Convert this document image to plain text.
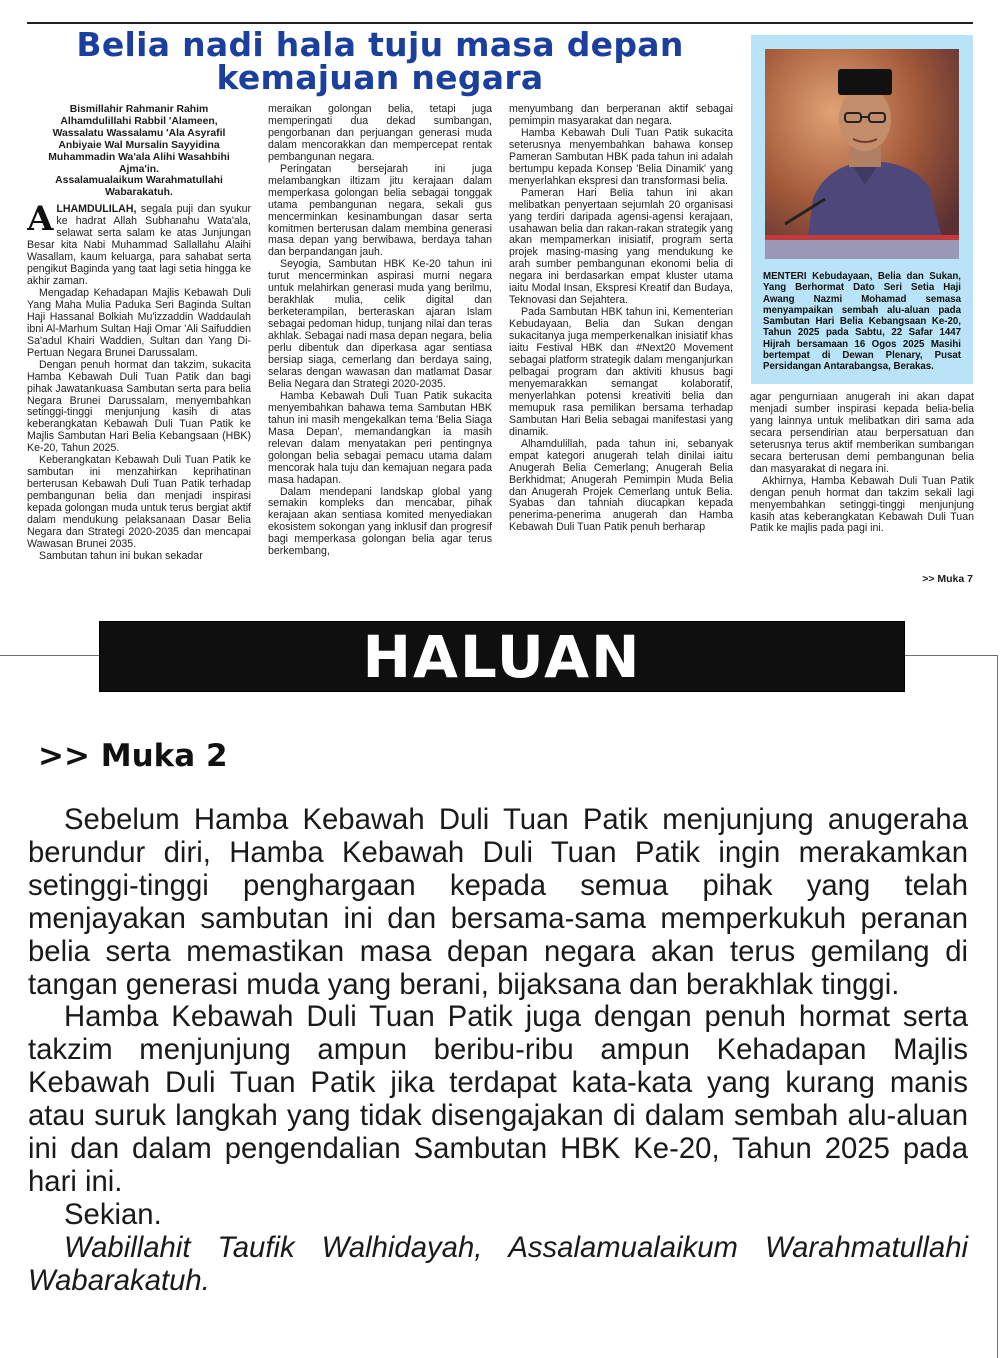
Belia nadi hala tuju masa depan
kemajuan negara
Bismillahir Rahmanir Rahim
Alhamdulillahi Rabbil 'Alameen,
Wassalatu Wassalamu 'Ala Asyrafil
Anbiyaie Wal Mursalin Sayyidina
Muhammadin Wa'ala Alihi Wasahbihi
Ajma'in.
Assalamualaikum Warahmatullahi
Wabarakatuh.

ALHAMDULILAH, segala puji dan syukur ke hadrat Allah Subhanahu Wata'ala, selawat serta salam ke atas Junjungan Besar kita Nabi Muhammad Sallallahu Alaihi Wasallam, kaum keluarga, para sahabat serta pengikut Baginda yang taat lagi setia hingga ke akhir zaman.

Mengadap Kehadapan Majlis Kebawah Duli Yang Maha Mulia Paduka Seri Baginda Sultan Haji Hassanal Bolkiah Mu'izzaddin Waddaulah ibni Al-Marhum Sultan Haji Omar 'Ali Saifuddien Sa'adul Khairi Waddien, Sultan dan Yang Di-Pertuan Negara Brunei Darussalam.

Dengan penuh hormat dan takzim, sukacita Hamba Kebawah Duli Tuan Patik dan bagi pihak Jawatankuasa Sambutan serta para belia Negara Brunei Darussalam, menyembahkan setinggi-tinggi menjunjung kasih di atas keberangkatan Kebawah Duli Tuan Patik ke Majlis Sambutan Hari Belia Kebangsaan (HBK) Ke-20, Tahun 2025.

Keberangkatan Kebawah Duli Tuan Patik ke sambutan ini menzahirkan keprihatinan berterusan Kebawah Duli Tuan Patik terhadap pembangunan belia dan menjadi inspirasi kepada golongan muda untuk terus bergiat aktif dalam mendukung pelaksanaan Dasar Belia Negara dan Strategi 2020-2035 dan mencapai Wawasan Brunei 2035.

Sambutan tahun ini bukan sekadar

meraikan golongan belia, tetapi juga memperingati dua dekad sumbangan, pengorbanan dan perjuangan generasi muda dalam mencorakkan dan mempercepat rentak pembangunan negara.

Peringatan bersejarah ini juga melambangkan iltizam jitu kerajaan dalam memperkasa golongan belia sebagai tonggak utama pembangunan negara, sekali gus mencerminkan kesinambungan dasar serta komitmen berterusan dalam membina generasi masa depan yang berwibawa, berdaya tahan dan berpandangan jauh.

Seyogia, Sambutan HBK Ke-20 tahun ini turut mencerminkan aspirasi murni negara untuk melahirkan generasi muda yang berilmu, berakhlak mulia, celik digital dan berketerampilan, berteraskan ajaran Islam sebagai pedoman hidup, tunjang nilai dan teras akhlak. Sebagai nadi masa depan negara, belia perlu dibentuk dan diperkasa agar sentiasa bersiap siaga, cemerlang dan berdaya saing, selaras dengan wawasan dan matlamat Dasar Belia Negara dan Strategi 2020-2035.

Hamba Kebawah Duli Tuan Patik sukacita menyembahkan bahawa tema Sambutan HBK tahun ini masih mengekalkan tema 'Belia Siaga Masa Depan', memandangkan ia masih relevan dalam menyatakan peri pentingnya golongan belia sebagai pemacu utama dalam mencorak hala tuju dan kemajuan negara pada masa hadapan.

Dalam mendepani landskap global yang semakin kompleks dan mencabar, pihak kerajaan akan sentiasa komited menyediakan ekosistem sokongan yang inklusif dan progresif bagi memperkasa golongan belia agar terus berkembang,

menyumbang dan berperanan aktif sebagai pemimpin masyarakat dan negara.

Hamba Kebawah Duli Tuan Patik sukacita seterusnya menyembahkan bahawa konsep Pameran Sambutan HBK pada tahun ini adalah bertumpu kepada Konsep 'Belia Dinamik' yang menyerlahkan ekspresi dan transformasi belia.

Pameran Hari Belia tahun ini akan melibatkan penyertaan sejumlah 20 organisasi yang terdiri daripada agensi-agensi kerajaan, usahawan belia dan rakan-rakan strategik yang akan mempamerkan inisiatif, program serta projek masing-masing yang mendukung ke arah sumber pembangunan ekonomi belia di negara ini berdasarkan empat kluster utama iaitu Modal Insan, Ekspresi Kreatif dan Budaya, Teknovasi dan Sejahtera.

Pada Sambutan HBK tahun ini, Kementerian Kebudayaan, Belia dan Sukan dengan sukacitanya juga memperkenalkan inisiatif khas iaitu Festival HBK dan #Next20 Movement sebagai platform strategik dalam menganjurkan pelbagai program dan aktiviti khusus bagi menyemarakkan semangat kolaboratif, menyerlahkan potensi kreativiti belia dan memupuk rasa pemilikan bersama terhadap Sambutan Hari Belia sebagai manifestasi yang dinamik.

Alhamdulillah, pada tahun ini, sebanyak empat kategori anugerah telah dinilai iaitu Anugerah Belia Cemerlang; Anugerah Belia Berkhidmat; Anugerah Pemimpin Muda Belia dan Anugerah Projek Cemerlang untuk Belia. Syabas dan tahniah diucapkan kepada penerima-penerima anugerah dan Hamba Kebawah Duli Tuan Patik penuh berharap

MENTERI Kebudayaan, Belia dan Sukan, Yang Berhormat Dato Seri Setia Haji Awang Nazmi Mohamad semasa menyampaikan sembah alu-aluan pada Sambutan Hari Belia Kebangsaan Ke-20, Tahun 2025 pada Sabtu, 22 Safar 1447 Hijrah bersamaan 16 Ogos 2025 Masihi bertempat di Dewan Plenary, Pusat Persidangan Antarabangsa, Berakas.

agar pengurniaan anugerah ini akan dapat menjadi sumber inspirasi kepada belia-belia yang lainnya untuk melibatkan diri sama ada secara persendirian atau berpersatuan dan seterusnya terus aktif memberikan sumbangan secara berterusan demi pembangunan belia dan masyarakat di negara ini.

Akhirnya, Hamba Kebawah Duli Tuan Patik dengan penuh hormat dan takzim sekali lagi menyembahkan setinggi-tinggi menjunjung kasih atas keberangkatan Kebawah Duli Tuan Patik ke majlis pada pagi ini.

>> Muka 7
HALUAN
>> Muka 2

Sebelum Hamba Kebawah Duli Tuan Patik menjunjung anugeraha berundur diri, Hamba Kebawah Duli Tuan Patik ingin merakamkan setinggi-tinggi penghargaan kepada semua pihak yang telah menjayakan sambutan ini dan bersama-sama memperkukuh peranan belia serta memastikan masa depan negara akan terus gemilang di tangan generasi muda yang berani, bijaksana dan berakhlak tinggi.

Hamba Kebawah Duli Tuan Patik juga dengan penuh hormat serta takzim menjunjung ampun beribu-ribu ampun Kehadapan Majlis Kebawah Duli Tuan Patik jika terdapat kata-kata yang kurang manis atau suruk langkah yang tidak disengajakan di dalam sembah alu-aluan ini dan dalam pengendalian Sambutan HBK Ke-20, Tahun 2025 pada hari ini.

Sekian.

Wabillahit Taufik Walhidayah, Assalamualaikum Warahmatullahi Wabarakatuh.
